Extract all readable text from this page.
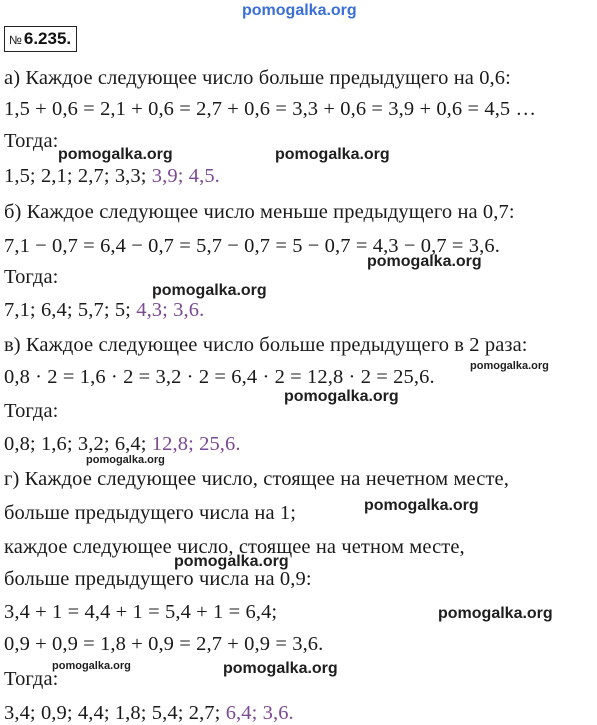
pomogalka.org
№ 6.235.
а) Каждое следующее число больше предыдущего на 0,6:
1,5 + 0,6 = 2,1 + 0,6 = 2,7 + 0,6 = 3,3 + 0,6 = 3,9 + 0,6 = 4,5 …
Тогда:
1,5; 2,1; 2,7; 3,3; 3,9; 4,5.
б) Каждое следующее число меньше предыдущего на 0,7:
7,1 − 0,7 = 6,4 − 0,7 = 5,7 − 0,7 = 5 − 0,7 = 4,3 − 0,7 = 3,6.
Тогда:
7,1; 6,4; 5,7; 5; 4,3; 3,6.
в) Каждое следующее число больше предыдущего в 2 раза:
0,8 · 2 = 1,6 · 2 = 3,2 · 2 = 6,4 · 2 = 12,8 · 2 = 25,6.
Тогда:
0,8; 1,6; 3,2; 6,4; 12,8; 25,6.
г) Каждое следующее число, стоящее на нечетном месте,
больше предыдущего числа на 1;
каждое следующее число, стоящее на четном месте,
больше предыдущего числа на 0,9:
3,4 + 1 = 4,4 + 1 = 5,4 + 1 = 6,4;
0,9 + 0,9 = 1,8 + 0,9 = 2,7 + 0,9 = 3,6.
Тогда:
3,4; 0,9; 4,4; 1,8; 5,4; 2,7; 6,4; 3,6.
pomogalka.org	pomogalka.org
pomogalka.org
pomogalka.org
pomogalka.org
pomogalka.org
pomogalka.org
pomogalka.org
pomogalka.org
pomogalka.org
pomogalka.org	pomogalka.org
